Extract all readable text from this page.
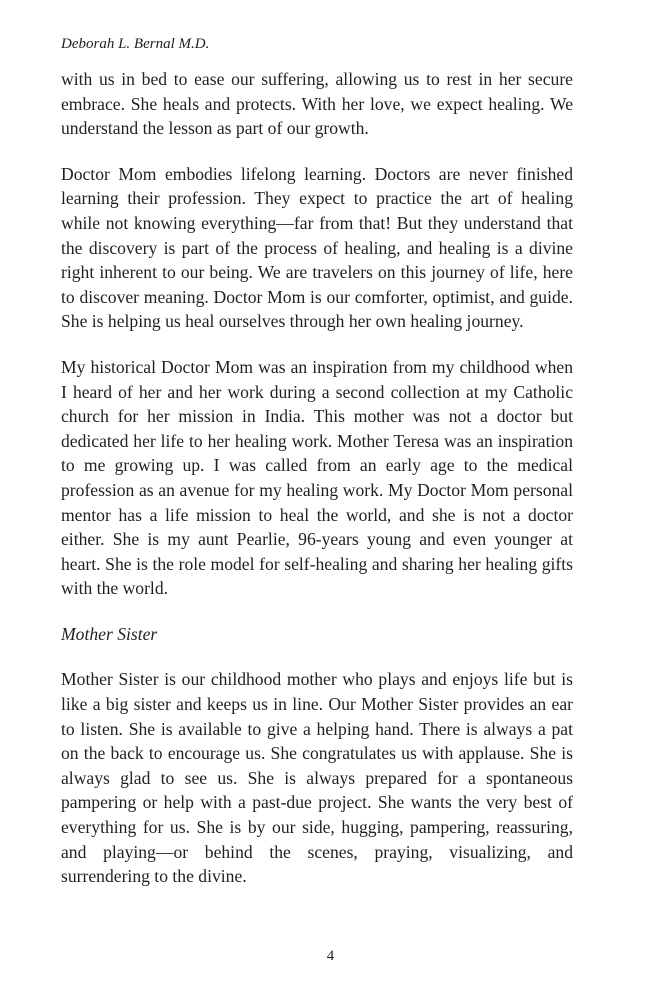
Deborah L. Bernal M.D.

with us in bed to ease our suffering, allowing us to rest in her secure embrace. She heals and protects. With her love, we expect healing. We understand the lesson as part of our growth.

Doctor Mom embodies lifelong learning. Doctors are never finished learning their profession. They expect to practice the art of healing while not knowing everything—far from that! But they understand that the discovery is part of the process of healing, and healing is a divine right inherent to our being. We are travelers on this journey of life, here to discover meaning. Doctor Mom is our comforter, optimist, and guide. She is helping us heal ourselves through her own healing journey.

My historical Doctor Mom was an inspiration from my childhood when I heard of her and her work during a second collection at my Catholic church for her mission in India. This mother was not a doctor but dedicated her life to her healing work. Mother Teresa was an inspiration to me growing up. I was called from an early age to the medical profession as an avenue for my healing work. My Doctor Mom personal mentor has a life mission to heal the world, and she is not a doctor either. She is my aunt Pearlie, 96-years young and even younger at heart. She is the role model for self-healing and sharing her healing gifts with the world.

Mother Sister

Mother Sister is our childhood mother who plays and enjoys life but is like a big sister and keeps us in line. Our Mother Sister provides an ear to listen. She is available to give a helping hand. There is always a pat on the back to encourage us. She congratulates us with applause. She is always glad to see us. She is always prepared for a spontaneous pampering or help with a past-due project. She wants the very best of everything for us. She is by our side, hugging, pampering, reassuring, and playing—or behind the scenes, praying, visualizing, and surrendering to the divine.

4
